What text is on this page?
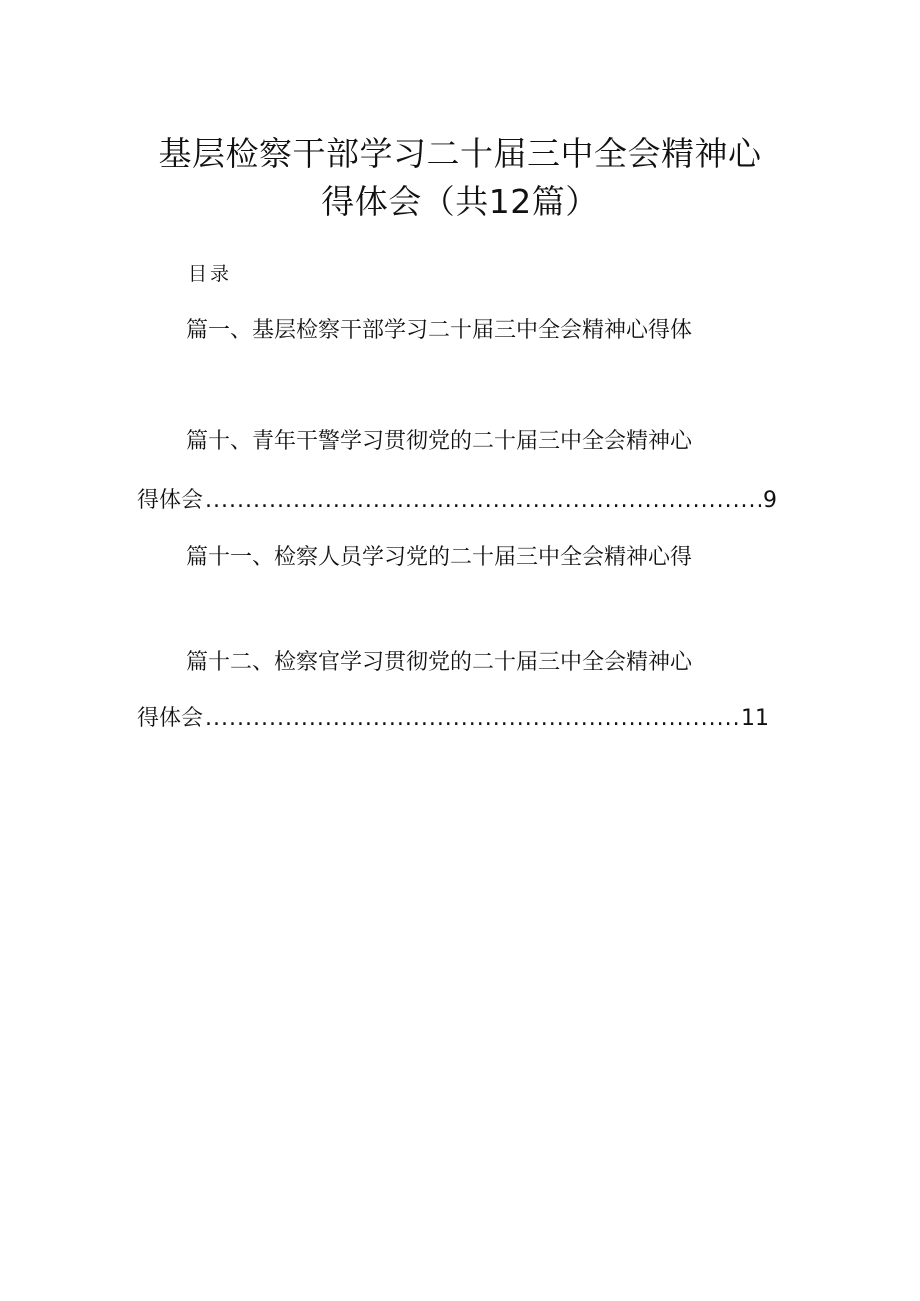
基层检察干部学习二十届三中全会精神心
得体会（共12篇）
目录
篇一、基层检察干部学习二十届三中全会精神心得体
篇十、青年干警学习贯彻党的二十届三中全会精神心
得体会 .....	9
篇十一、检察人员学习党的二十届三中全会精神心得
篇十二、检察官学习贯彻党的二十届三中全会精神心
得体会 .....	11
